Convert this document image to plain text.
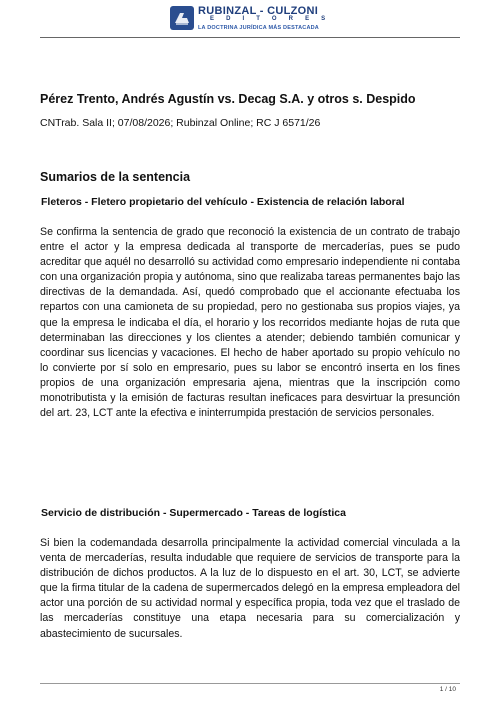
RUBINZAL - CULZONI
E D I T O R E S
LA DOCTRINA JURÍDICA MÁS DESTACADA
Pérez Trento, Andrés Agustín vs. Decag S.A. y otros s. Despido
CNTrab. Sala II; 07/08/2026; Rubinzal Online; RC J 6571/26
Sumarios de la sentencia
Fleteros - Fletero propietario del vehículo - Existencia de relación laboral

Se confirma la sentencia de grado que reconoció la existencia de un contrato de trabajo entre el actor y la empresa dedicada al transporte de mercaderías, pues se pudo acreditar que aquél no desarrolló su actividad como empresario independiente ni contaba con una organización propia y autónoma, sino que realizaba tareas permanentes bajo las directivas de la demandada. Así, quedó comprobado que el accionante efectuaba los repartos con una camioneta de su propiedad, pero no gestionaba sus propios viajes, ya que la empresa le indicaba el día, el horario y los recorridos mediante hojas de ruta que determinaban las direcciones y los clientes a atender; debiendo también comunicar y coordinar sus licencias y vacaciones. El hecho de haber aportado su propio vehículo no lo convierte por sí solo en empresario, pues su labor se encontró inserta en los fines propios de una organización empresaria ajena, mientras que la inscripción como monotributista y la emisión de facturas resultan ineficaces para desvirtuar la presunción del art. 23, LCT ante la efectiva e ininterrumpida prestación de servicios personales.

Servicio de distribución - Supermercado - Tareas de logística

Si bien la codemandada desarrolla principalmente la actividad comercial vinculada a la venta de mercaderías, resulta indudable que requiere de servicios de transporte para la distribución de dichos productos. A la luz de lo dispuesto en el art. 30, LCT, se advierte que la firma titular de la cadena de supermercados delegó en la empresa empleadora del actor una porción de su actividad normal y específica propia, toda vez que el traslado de las mercaderías constituye una etapa necesaria para su comercialización y abastecimiento de sucursales.

1 / 10
